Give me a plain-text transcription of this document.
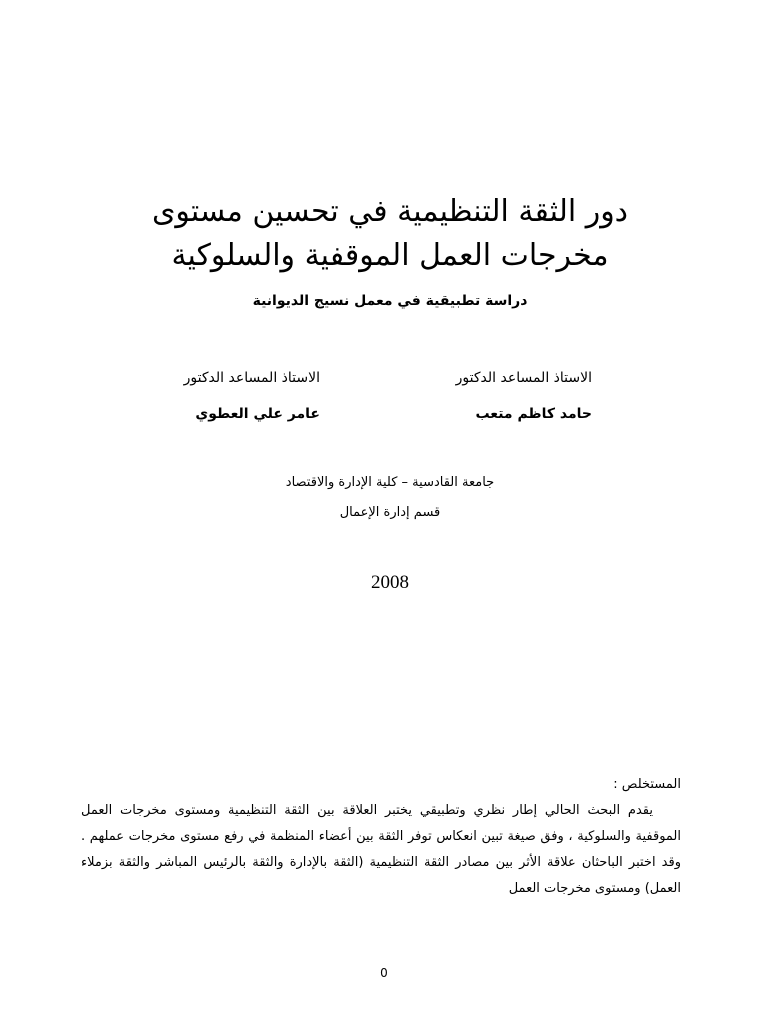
دور الثقة التنظيمية في تحسين مستوى
مخرجات العمل الموقفية والسلوكية
دراسة تطبيقية في معمل نسيج الديوانية
الاستاذ المساعد الدكتور
حامد كاظم متعب
الاستاذ المساعد الدكتور
عامر علي العطوي
جامعة القادسية – كلية الإدارة والاقتصاد
قسم إدارة الإعمال
2008
المستخلص :

يقدم البحث الحالي إطار نظري وتطبيقي يختبر العلاقة بين الثقة التنظيمية ومستوى مخرجات العمل الموقفية والسلوكية ، وفق صيغة تبين انعكاس توفر الثقة بين أعضاء المنظمة في رفع مستوى مخرجات عملهم . وقد اختبر الباحثان علاقة الأثر بين مصادر الثقة التنظيمية (الثقة بالإدارة والثقة بالرئيس المباشر والثقة بزملاء العمل) ومستوى مخرجات العمل

0
